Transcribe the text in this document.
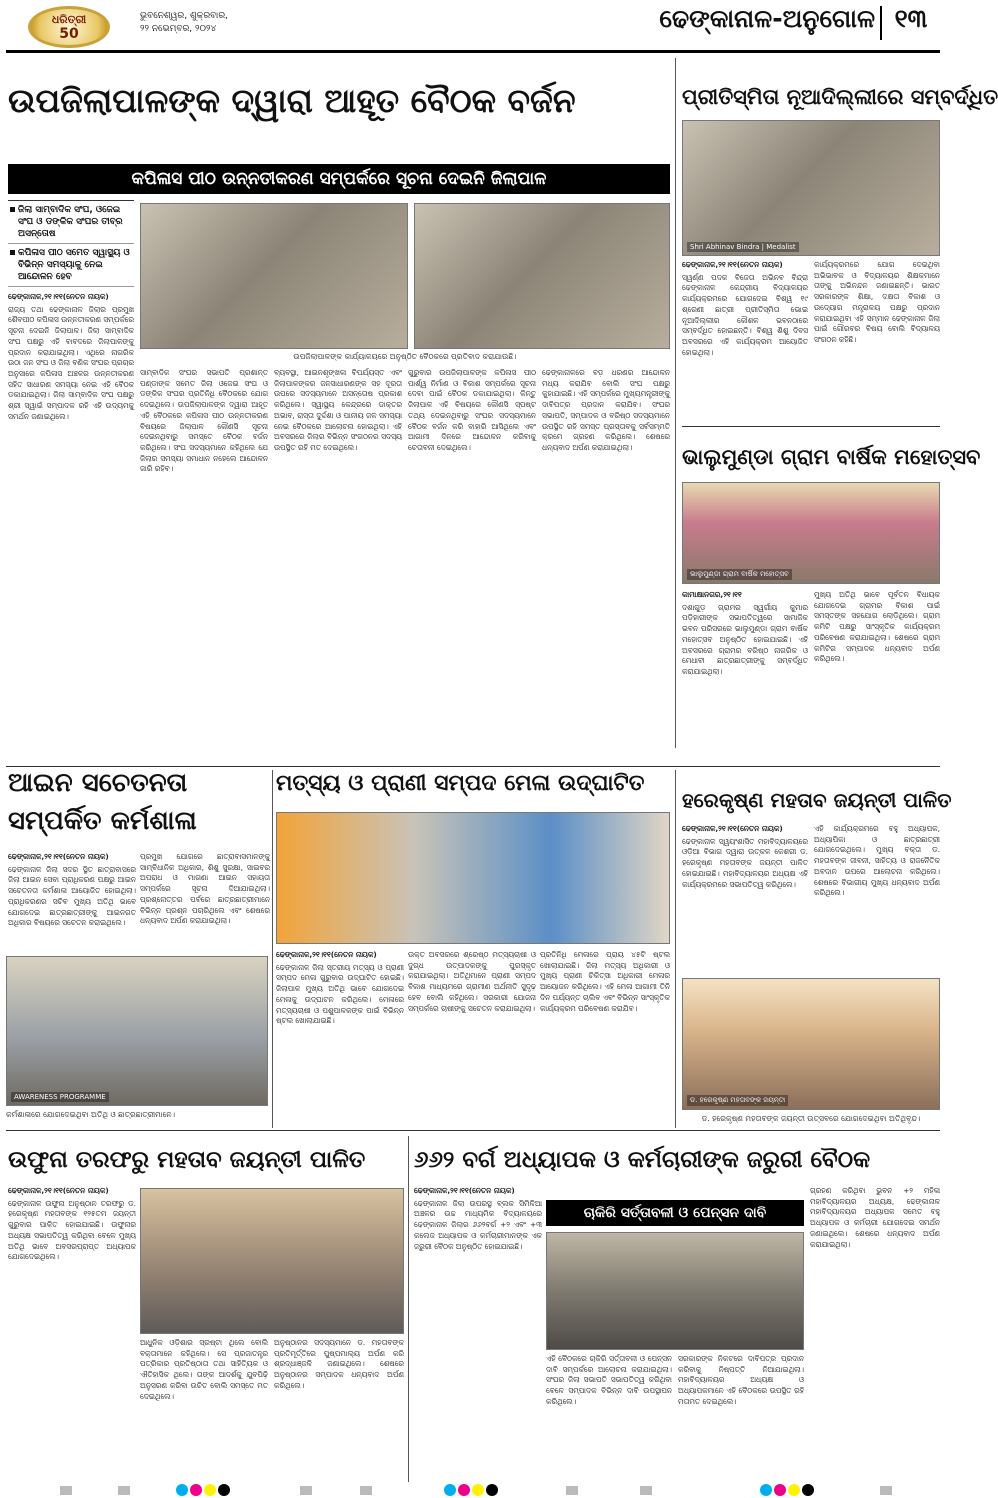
ଧରିତ୍ରୀ
50
ଭୁବନେଶ୍ୱର, ଶୁକ୍ରବାର,
୨୨ ନଭେମ୍ବର, ୨୦୨୪	ଢେଙ୍କାନାଳ-ଅନୁଗୋଳ ୧୩
ଉପଜିଲାପାଳଙ୍କ ଦ୍ୱାରା ଆହୂତ ବୈଠକ ବର୍ଜନ
କପିଳାସ ପୀଠ ଉନ୍ନତୀକରଣ ସମ୍ପର୍କରେ ସୂଚନା ଦେଇନି ଜିଲାପାଳ
ଜିଲା ସାମ୍ବାଦିକ ସଂଘ, ଓଜେଇ ସଂଘ ଓ ଡଙ୍କିକ ସଂଘର ତୀବ୍ର ଅସନ୍ତୋଷ
କପିଳାସ ପୀଠ ସମେତ ସ୍ୱାସ୍ଥ୍ୟ ଓ ବିଭିନ୍ନ ସମସ୍ୟାକୁ ନେଇ ଆନ୍ଦୋଳନ ହେବ
ଉପଜିଲାପାଳଙ୍କ କାର୍ଯ୍ୟାଳୟରେ ଅନୁଷ୍ଠିତ ବୈଠକରେ ପ୍ରତିବାଦ କରାଯାଉଛି।

ଢେଙ୍କାନାଳ,୨୧।୧୧(ନେତନ ନାୟକ)

ରାଜ୍ୟ ତଥା ଢେଙ୍କାନାଳ ଜିଲାର ପ୍ରମୁଖ ଶୈବପୀଠ କପିଳାସ ଉନ୍ନତୀକରଣ ସମ୍ପର୍କରେ ସୂଚନା ଦେଇନି ଜିଲାପାଳ। ଜିଲା ସାମ୍ବାଦିକ ସଂଘ ପକ୍ଷରୁ ଏହି ବାବଦରେ ଜିଲାପାଳଙ୍କୁ ପ୍ରଦାନ କରାଯାଇଥିଲା। ଏଥିରେ ନାଗରିକ ଉଠା ଜନ ସଂଘ ଓ ଜିଲା ବଣିକ ସଂଘର ପ୍ରଚାର ଅନୁସାରେ କପିଳାସ ଅଞ୍ଚଳର ଉନ୍ନତୀକରଣ ସହିତ ସାଧାରଣ ସମସ୍ୟା ନେଇ ଏହି ବୈଠକ ଡକାଯାଇଥିଲା। ଜିଲା ସାମ୍ବାଦିକ ସଂଘ ପକ୍ଷରୁ ଶ୍ରୀ ସ୍ୱାଇଁ ସମ୍ପାଦକ ରହି ଏହି ଉଦ୍ୟମକୁ ସମର୍ଥନ ଜଣାଇଥିଲେ।

ସାମ୍ବାଦିକ ସଂଘର ସଭାପତି ପ୍ରଶାନ୍ତ ପଣ୍ଡାଙ୍କ ସମେତ ଜିଲା ଓଜେଇ ସଂଘ ଓ ଡଙ୍କିକ ସଂଘର ପ୍ରତିନିଧି ବୈଠକରେ ଯୋଗ ଦେଇଥିଲେ। ଉପଜିଲାପାଳଙ୍କ ଦ୍ୱାରା ଆହୂତ ଏହି ବୈଠକରେ କପିଳାସ ପୀଠ ଉନ୍ନତୀକରଣ ବିଷୟରେ ଜିଲାପାଳ କୌଣସି ସୂଚନା ଦେଇନଥିବାରୁ ସମସ୍ତେ ବୈଠକ ବର୍ଜନ କରିଥିଲେ। ସଂଘ ସଦସ୍ୟମାନେ କହିଥିଲେ ଯେ ଜିଲାର ସମସ୍ୟା ସମାଧାନ ନହେଲେ ଆନ୍ଦୋଳନ ଜାରି ରହିବ।

ବ୍ୟବସ୍ଥା, ଆଇନଶୃଙ୍ଖଳା ବିପର୍ଯ୍ୟସ୍ତ ଏବଂ ଜିଲାପାଳଙ୍କର ଜନସାଧାରଣଙ୍କ ସହ ଦୂରତା ଉପରେ ସଦସ୍ୟମାନେ ଅସନ୍ତୋଷ ପ୍ରକାଶ କରିଥିଲେ। ସ୍ୱାସ୍ଥ୍ୟ କେନ୍ଦ୍ରରେ ଡାକ୍ତର ଅଭାବ, ରାସ୍ତା ଦୁର୍ଦ୍ଦଶା ଓ ପାନୀୟ ଜଳ ସମସ୍ୟା ନେଇ ବୈଠକରେ ଆଲୋଚନା ହୋଇଥିଲା। ଏହି ଅବସରରେ ଜିଲାର ବିଭିନ୍ନ ସଂଗଠନର ସଦସ୍ୟ ଉପସ୍ଥିତ ରହି ମତ ଦେଇଥିଲେ।

ଗୁରୁବାର ଉପଜିଲାପାଳଙ୍କ କପିଳାସ ପୀଠ ପାର୍ଶ୍ୱ ନିର୍ମାଣ ଓ ବିକାଶ ସମ୍ପର୍କରେ ସୂଚନା ଦେବା ପାଇଁ ବୈଠକ ଡକାଯାଇଥିଲା। କିନ୍ତୁ ଜିଲାପାଳ ଏହି ବିଷୟରେ କୌଣସି ସ୍ପଷ୍ଟ ତଥ୍ୟ ଦେଇନଥିବାରୁ ସଂଘର ସଦସ୍ୟମାନେ ବୈଠକ ବର୍ଜନ କରି ବାହାରି ଆସିଥିଲେ ଏବଂ ଆଗାମୀ ଦିନରେ ଆନ୍ଦୋଳନ କରିବାକୁ ଚେତାବନୀ ଦେଇଥିଲେ।

ଢେଙ୍କାନାଳରେ ବଡ଼ ଧରଣର ଆନ୍ଦୋଳନ ମଧ୍ୟ କରାଯିବ ବୋଲି ସଂଘ ପକ୍ଷରୁ କୁହାଯାଇଛି। ଏହି ସମ୍ପର୍କରେ ମୁଖ୍ୟମନ୍ତ୍ରୀଙ୍କୁ ଦାବିପତ୍ର ପ୍ରଦାନ କରାଯିବ। ସଂଘର ସଭାପତି, ସମ୍ପାଦକ ଓ ବରିଷ୍ଠ ସଦସ୍ୟମାନେ ଉପସ୍ଥିତ ରହି ସମସ୍ତ ପ୍ରସ୍ତାବକୁ ସର୍ବସମ୍ମତି କ୍ରମେ ଗ୍ରହଣ କରିଥିଲେ। ଶେଷରେ ଧନ୍ୟବାଦ ଅର୍ପଣ କରାଯାଇଥିଲା।

ପ୍ରୀତିସ୍ମିତା ନୂଆଦିଲ୍ଲୀରେ ସମ୍ବର୍ଦ୍ଧିତ
Shri Abhinav Bindra | Medalist

ଢେଙ୍କାନାଳ,୨୧।୧୧(ନେତନ ନାୟକ)

ସ୍ୱର୍ଣ୍ଣ ପଦକ ବିଜେତା ଅଭିନବ ବିନ୍ଦ୍ରା ଢେଙ୍କାନାଳ କେନ୍ଦ୍ରୀୟ ବିଦ୍ୟାଳୟର କାର୍ଯ୍ୟକ୍ରମରେ ଯୋଗଦେଇ ବିଶ୍ୱ ୧୯ ଶ୍ରେଣୀ ଛାତ୍ରୀ ପ୍ରୀତିସ୍ମିତା ଭୋଇ ନୂଆଦିଲ୍ଲୀର କୌଶଳ ଭବନଠାରେ ସମ୍ବର୍ଦ୍ଧିତ ହୋଇଛନ୍ତି। ବିଶ୍ୱ ଶିଶୁ ଦିବସ ଅବସରରେ ଏହି କାର୍ଯ୍ୟକ୍ରମ ଆୟୋଜିତ ହୋଇଥିଲା।

କାର୍ଯ୍ୟକ୍ରମରେ ଯୋଗ ଦେଇଥିବା ଅଭିଭାବକ ଓ ବିଦ୍ୟାଳୟର ଶିକ୍ଷକମାନେ ତାଙ୍କୁ ଅଭିନନ୍ଦନ ଜଣାଇଛନ୍ତି। ଭାରତ ସରକାରଙ୍କ ଶିକ୍ଷା, ଦକ୍ଷତା ବିକାଶ ଓ ଉଦ୍ୟୋଗ ମନ୍ତ୍ରାଳୟ ପକ୍ଷରୁ ପ୍ରଦାନ କରାଯାଇଥିବା ଏହି ସମ୍ମାନ ଢେଙ୍କାନାଳ ଜିଲା ପାଇଁ ଗୌରବର ବିଷୟ ବୋଲି ବିଦ୍ୟାଳୟ ସଂଗଠନ କହିଛି।

ଭାଲୁମୁଣ୍ଡା ଗ୍ରାମ ବାର୍ଷିକ ମହୋତ୍ସବ
ଭାଲୁମୁଣ୍ଡା ଗ୍ରାମ ବାର୍ଷିକ ମହୋତ୍ସବ

କାମାକ୍ଷାନଗର,୨୧।୧୧

ଦଶାଗୁଡ଼ ଗ୍ରାମର ସ୍ୱର୍ଗୀୟ କୁମାର ପଡ଼ିହାରୀଙ୍କ ସଭାପତିତ୍ୱରେ ସାମାଜିକ ଭବନ ପରିସରରେ ଭାଲୁମୁଣ୍ଡା ଗ୍ରାମ ବାର୍ଷିକ ମହୋତ୍ସବ ଅନୁଷ୍ଠିତ ହୋଇଯାଇଛି। ଏହି ଅବସରରେ ଗ୍ରାମର ବରିଷ୍ଠ ନାଗରିକ ଓ ମେଧାବୀ ଛାତ୍ରଛାତ୍ରୀଙ୍କୁ ସମ୍ବର୍ଦ୍ଧିତ କରାଯାଇଥିଲା।

ମୁଖ୍ୟ ଅତିଥି ଭାବେ ପୂର୍ବତନ ବିଧାୟକ ଯୋଗଦେଇ ଗ୍ରାମର ବିକାଶ ପାଇଁ ସମସ୍ତଙ୍କ ସହଯୋଗ ଲୋଡ଼ିଥିଲେ। ଗ୍ରାମ କମିଟି ପକ୍ଷରୁ ସାଂସ୍କୃତିକ କାର୍ଯ୍ୟକ୍ରମ ପରିବେଷଣ କରାଯାଇଥିଲା। ଶେଷରେ ଗ୍ରାମ କମିଟିର ସମ୍ପାଦକ ଧନ୍ୟବାଦ ଅର୍ପଣ କରିଥିଲେ।

ଆଇନ ସଚେତନତା
ସମ୍ପର୍କିତ କର୍ମଶାଳା

ଢେଙ୍କାନାଳ,୨୧।୧୧(ନେତନ ନାୟକ)

ଢେଙ୍କାନାଳ ଜିଲା ସଦର ସ୍ଥିତ ଛାତ୍ରାବାସରେ ଜିଲା ଆଇନ ସେବା ପ୍ରାଧିକରଣ ପକ୍ଷରୁ ଆଇନ ସଚେତନତା କର୍ମଶାଳା ଆୟୋଜିତ ହୋଇଥିଲା। ପ୍ରାଧିକରଣର ସଚିବ ମୁଖ୍ୟ ଅତିଥି ଭାବେ ଯୋଗଦେଇ ଛାତ୍ରଛାତ୍ରୀଙ୍କୁ ଆଇନଗତ ଅଧିକାର ବିଷୟରେ ସଚେତନ କରାଇଥିଲେ।

ପ୍ରମୁଖ ଯୋଗରେ ଛାତ୍ରାବାସମାନଙ୍କୁ ସାମ୍ବିଧାନିକ ଅଧିକାର, ଶିଶୁ ସୁରକ୍ଷା, ସାଇବର ଅପରାଧ ଓ ମାଗଣା ଆଇନ ସହାୟତା ସମ୍ପର୍କରେ ସୂଚନା ଦିଆଯାଇଥିଲା। ପ୍ରଶ୍ନୋତ୍ତର ପର୍ବରେ ଛାତ୍ରଛାତ୍ରୀମାନେ ବିଭିନ୍ନ ପ୍ରଶ୍ନ ପଚାରିଥିଲେ ଏବଂ ଶେଷରେ ଧନ୍ୟବାଦ ଅର୍ପଣ କରାଯାଇଥିଲା।

AWARENESS PROGRAMME
କର୍ମଶାଳାରେ ଯୋଗଦେଇଥିବା ଅତିଥି ଓ ଛାତ୍ରଛାତ୍ରୀମାନେ।
ମତ୍ସ୍ୟ ଓ ପ୍ରାଣୀ ସମ୍ପଦ ମେଳା ଉଦ୍‌ଘାଟିତ

ଢେଙ୍କାନାଳ,୨୧।୧୧(ନେତନ ନାୟକ)

ଢେଙ୍କାନାଳ ଜିଲା ସ୍ତରୀୟ ମତ୍ସ୍ୟ ଓ ପ୍ରାଣୀ ସମ୍ପଦ ମେଳା ଗୁରୁବାର ଉଦ୍‌ଘାଟିତ ହୋଇଛି। ଜିଲାପାଳ ମୁଖ୍ୟ ଅତିଥି ଭାବେ ଯୋଗଦେଇ ମେଳାକୁ ଉଦ୍‌ଘାଟନ କରିଥିଲେ। ମେଳାରେ ମତ୍ସ୍ୟଚାଷୀ ଓ ପଶୁପାଳକଙ୍କ ପାଇଁ ବିଭିନ୍ନ ଷ୍ଟଲ ଖୋଲାଯାଇଛି।

ଉକ୍ତ ଅବସରରେ ଶ୍ରେଷ୍ଠ ମତ୍ସ୍ୟଚାଷୀ ଓ ଦୁଗ୍ଧ ଉତ୍ପାଦକଙ୍କୁ ପୁରସ୍କୃତ କରାଯାଇଥିଲା। ଅତିଥିମାନେ ପ୍ରାଣୀ ସମ୍ପଦ ବିକାଶ ମାଧ୍ୟମରେ ଗ୍ରାମୀଣ ଅର୍ଥନୀତି ସୁଦୃଢ଼ ହେବ ବୋଲି କହିଥିଲେ। ସରକାରୀ ଯୋଜନା ସମ୍ପର୍କରେ ଚାଷୀଙ୍କୁ ସଚେତନ କରାଯାଇଥିଲା।

ପ୍ରତିନିଧି ମେଳାରେ ପ୍ରାୟ ୪୫ଟି ଷ୍ଟଲ ଖୋଲାଯାଇଛି। ଜିଲା ମତ୍ସ୍ୟ ଅଧିକାରୀ ଓ ମୁଖ୍ୟ ପ୍ରାଣୀ ଚିକିତ୍ସା ଅଧିକାରୀ ମେଳାର ଆୟୋଜନ କରିଥିଲେ। ଏହି ମେଳା ଆଗାମୀ ତିନି ଦିନ ପର୍ଯ୍ୟନ୍ତ ଚାଲିବ ଏବଂ ବିଭିନ୍ନ ସାଂସ୍କୃତିକ କାର୍ଯ୍ୟକ୍ରମ ପରିବେଷଣ କରାଯିବ।

ହରେକୃଷ୍ଣ ମହତାବ ଜୟନ୍ତୀ ପାଳିତ

ଢେଙ୍କାନାଳ,୨୧।୧୧(ନେତନ ନାୟକ)

ଢେଙ୍କାନାଳ ସ୍ୱୟଂଶାସିତ ମହାବିଦ୍ୟାଳୟରେ ଓଡ଼ିଆ ବିଭାଗ ଦ୍ୱାରା ଉତ୍କଳ କେଶରୀ ଡ. ହରେକୃଷ୍ଣ ମହତାବଙ୍କ ଜୟନ୍ତୀ ପାଳିତ ହୋଇଯାଇଛି। ମହାବିଦ୍ୟାଳୟର ଅଧ୍ୟକ୍ଷ ଏହି କାର୍ଯ୍ୟକ୍ରମରେ ସଭାପତିତ୍ୱ କରିଥିଲେ।

ଏହି କାର୍ଯ୍ୟକ୍ରମରେ ବହୁ ଅଧ୍ୟାପକ, ଅଧ୍ୟାପିକା ଓ ଛାତ୍ରଛାତ୍ରୀ ଯୋଗଦେଇଥିଲେ। ମୁଖ୍ୟ ବକ୍ତା ଡ. ମହତାବଙ୍କ ଜୀବନୀ, ସାହିତ୍ୟ ଓ ରାଜନୈତିକ ଅବଦାନ ଉପରେ ଆଲୋଚନା କରିଥିଲେ। ଶେଷରେ ବିଭାଗୀୟ ମୁଖ୍ୟ ଧନ୍ୟବାଦ ଅର୍ପଣ କରିଥିଲେ।

ଡ. ହରେକୃଷ୍ଣ ମହତାବଙ୍କ ଜୟନ୍ତୀ
ଡ. ହରେକୃଷ୍ଣ ମହତାବଙ୍କ ଜୟନ୍ତୀ ଉତ୍ସବରେ ଯୋଗଦେଇଥିବା ଅତିଥିବୃନ୍ଦ।
ଉଫୁନା ତରଫରୁ ମହତାବ ଜୟନ୍ତୀ ପାଳିତ

ଢେଙ୍କାନାଳ,୨୧।୧୧(ନେତନ ନାୟକ)

ଢେଙ୍କାନାଳ ଉଫୁନା ଅନୁଷ୍ଠାନ ତରଫରୁ ଡ. ହରେକୃଷ୍ଣ ମହତାବଙ୍କ ୧୨୫ତମ ଜୟନ୍ତୀ ଗୁରୁବାର ପାଳିତ ହୋଇଯାଇଛି। ଉଫୁନାର ଅଧ୍ୟକ୍ଷ ସଭାପତିତ୍ୱ କରିଥିବା ବେଳେ ମୁଖ୍ୟ ଅତିଥି ଭାବେ ଅବସରପ୍ରାପ୍ତ ଅଧ୍ୟାପକ ଯୋଗଦେଇଥିଲେ।

ଆଧୁନିକ ଓଡ଼ିଶାର ସ୍ରଷ୍ଟା ଥିଲେ ବୋଲି ବକ୍ତାମାନେ କହିଥିଲେ। ସେ ପ୍ରଜାତନ୍ତ୍ର ପତ୍ରିକାର ପ୍ରତିଷ୍ଠାତା ତଥା ସାହିତ୍ୟିକ ଓ ଐତିହାସିକ ଥିଲେ। ତାଙ୍କ ଆଦର୍ଶକୁ ଯୁବପିଢ଼ି ଅନୁସରଣ କରିବା ଉଚିତ ବୋଲି ସମସ୍ତେ ମତ ଦେଇଥିଲେ।

ଅନୁଷ୍ଠାନର ସଦସ୍ୟମାନେ ଡ. ମହତାବଙ୍କ ପ୍ରତିମୂର୍ତ୍ତିରେ ପୁଷ୍ପମାଲ୍ୟ ଅର୍ପଣ କରି ଶ୍ରଦ୍ଧାଞ୍ଜଳି ଜଣାଇଥିଲେ। ଶେଷରେ ଅନୁଷ୍ଠାନର ସମ୍ପାଦକ ଧନ୍ୟବାଦ ଅର୍ପଣ କରିଥିଲେ।

୬୬୨ ବର୍ଗ ଅଧ୍ୟାପକ ଓ କର୍ମଚାରୀଙ୍କ ଜରୁରୀ ବୈଠକ

ଢେଙ୍କାନାଳ,୨୧।୧୧(ନେତନ ନାୟକ)

ଢେଙ୍କାନାଳ ଜିଲା ଉପରସ୍ଥ ବ୍ଲକ ସିମିଳିଆ ଅଞ୍ଚଳର ଉଚ୍ଚ ମାଧ୍ୟମିକ ବିଦ୍ୟାଳୟରେ ଢେଙ୍କାନାଳ ଜିଲାର ୬୬୨ବର୍ଗ +୨ ଏବଂ +୩ କଲେଜ ଅଧ୍ୟାପକ ଓ କର୍ମଚାରୀମାନଙ୍କ ଏକ ଜରୁରୀ ବୈଠକ ଅନୁଷ୍ଠିତ ହୋଇଯାଇଛି।

ଚାକିରି ସର୍ତ୍ତାବଳୀ ଓ ପେନ୍‌ସନ ଦାବି

ଏହି ବୈଠକରେ ଚାକିରି ସର୍ତ୍ତାବଳୀ ଓ ପେନ୍‌ସନ ଦାବି ସମ୍ପର୍କରେ ଆଲୋଚନା କରାଯାଇଥିଲା। ସଂଘର ଜିଲା ସଭାପତି ସଭାପତିତ୍ୱ କରିଥିବା ବେଳେ ସମ୍ପାଦକ ବିଭିନ୍ନ ଦାବି ଉପସ୍ଥାପନ କରିଥିଲେ।

ସରକାରଙ୍କ ନିକଟରେ ଦାବିପତ୍ର ପ୍ରଦାନ କରିବାକୁ ନିଷ୍ପତ୍ତି ନିଆଯାଇଥିଲା। ମହାବିଦ୍ୟାଳୟର ଅଧ୍ୟକ୍ଷ ଓ ଅଧ୍ୟାପକମାନେ ଏହି ବୈଠକରେ ଉପସ୍ଥିତ ରହି ମତାମତ ଦେଇଥିଲେ।

ଗ୍ରହଣ କରିଥିବା ଭୁବନ +୨ ମହିଳା ମହାବିଦ୍ୟାଳୟର ଅଧ୍ୟକ୍ଷ, ଢେଙ୍କାନାଳ ମହାବିଦ୍ୟାଳୟର ଅଧ୍ୟାପକ ସମେତ ବହୁ ଅଧ୍ୟାପକ ଓ କର୍ମଚାରୀ ଯୋଗଦେଇ ସମର୍ଥନ ଜଣାଇଥିଲେ। ଶେଷରେ ଧନ୍ୟବାଦ ଅର୍ପଣ କରାଯାଇଥିଲା।
